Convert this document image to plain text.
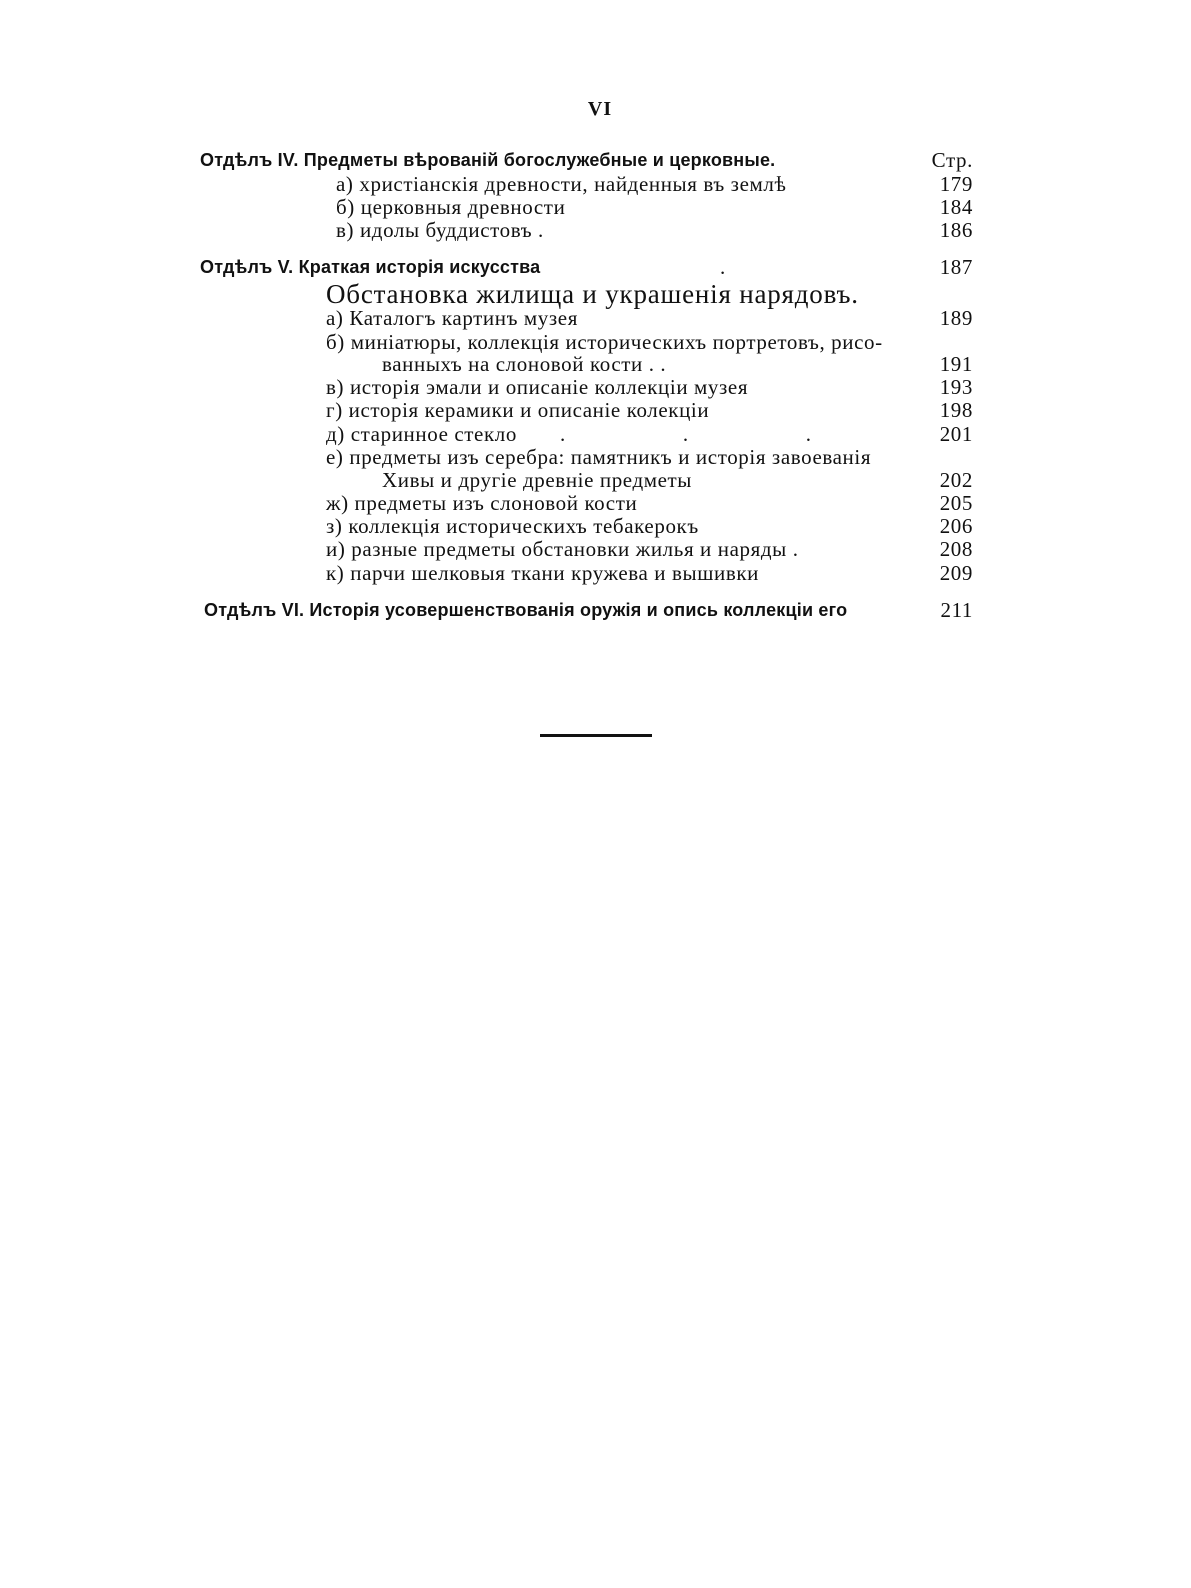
VI
Отдѣлъ IV. Предметы вѣрованій богослужебные и церковные.	Стр.
а) христіанскія древности, найденныя въ землѣ	179
б) церковныя древности	184
в) идолы буддистовъ .	186
Отдѣлъ V. Краткая исторія искусства	.	187
Обстановка жилища и украшенія нарядовъ.
а) Каталогъ картинъ музея	189
б) миніатюры, коллекція историческихъ портретовъ, рисо-
ванныхъ на слоновой кости . .	191
в) исторія эмали и описаніе коллекціи музея	193
г) исторія керамики и описаніе колекціи	198
д) старинное стекло .                    .                    .	201
е) предметы изъ серебра: памятникъ и исторія завоеванія
Хивы и другіе древніе предметы	202
ж) предметы изъ слоновой кости	205
з) коллекція историческихъ тебакерокъ	206
и) разные предметы обстановки жилья и наряды .	208
к) парчи шелковыя ткани кружева и вышивки	209
Отдѣлъ VI. Исторія усовершенствованія оружія и опись коллекціи его	211
